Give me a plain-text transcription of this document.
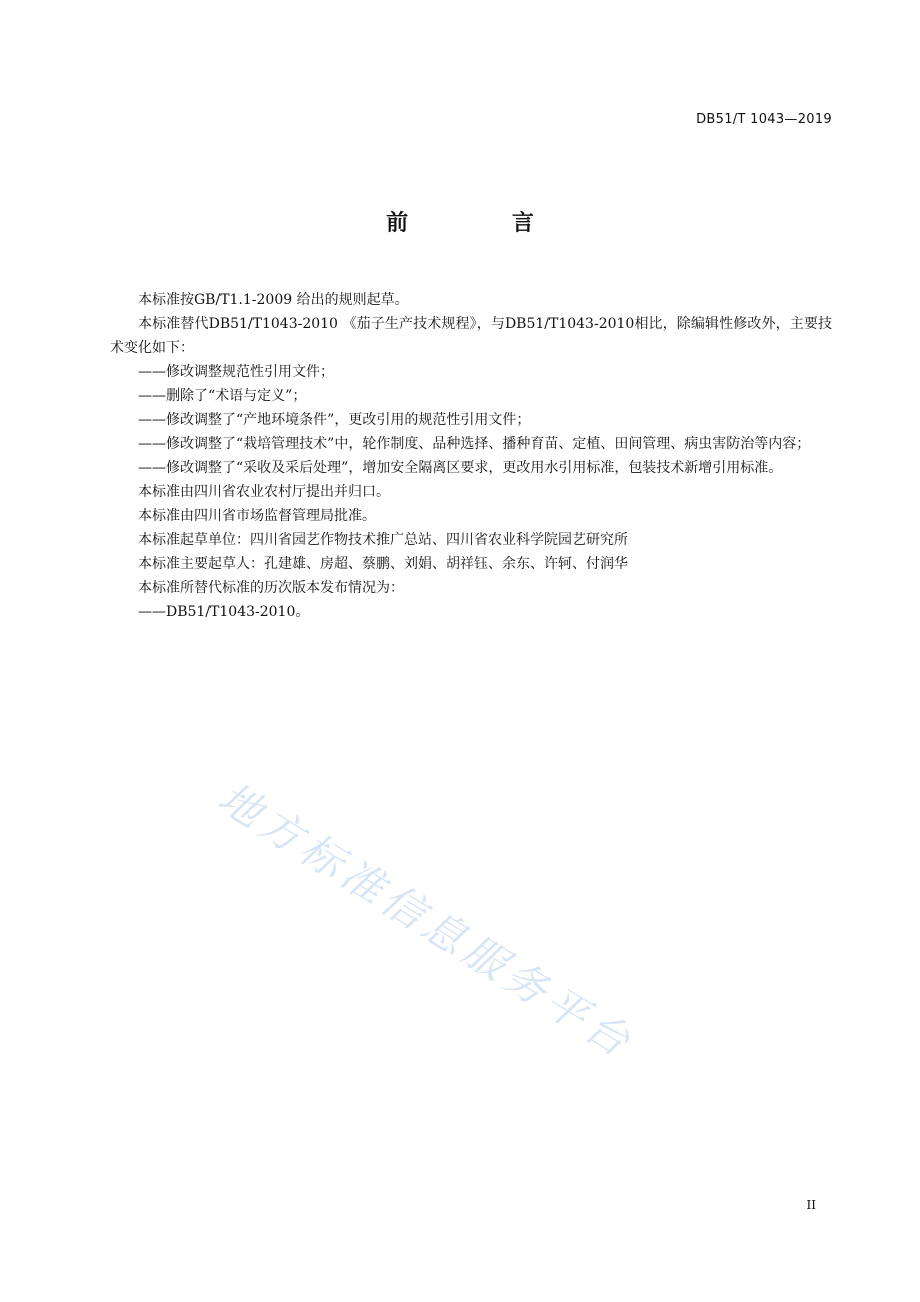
DB51/T 1043—2019
前 言

本标准按GB/T1.1-2009 给出的规则起草。

本标准替代DB51/T1043-2010 《茄子生产技术规程》，与DB51/T1043-2010相比，除编辑性修改外，主要技术变化如下：

——修改调整规范性引用文件；

——删除了“术语与定义”；

——修改调整了“产地环境条件”，更改引用的规范性引用文件；

——修改调整了“栽培管理技术”中，轮作制度、品种选择、播种育苗、定植、田间管理、病虫害防治等内容；

——修改调整了“采收及采后处理”，增加安全隔离区要求，更改用水引用标准，包装技术新增引用标准。

本标准由四川省农业农村厅提出并归口。

本标准由四川省市场监督管理局批准。

本标准起草单位：四川省园艺作物技术推广总站、四川省农业科学院园艺研究所

本标准主要起草人：孔建雄、房超、蔡鹏、刘娟、胡祥钰、余东、许轲、付润华

本标准所替代标准的历次版本发布情况为：

——DB51/T1043-2010。

地方标准信息服务平台
II
